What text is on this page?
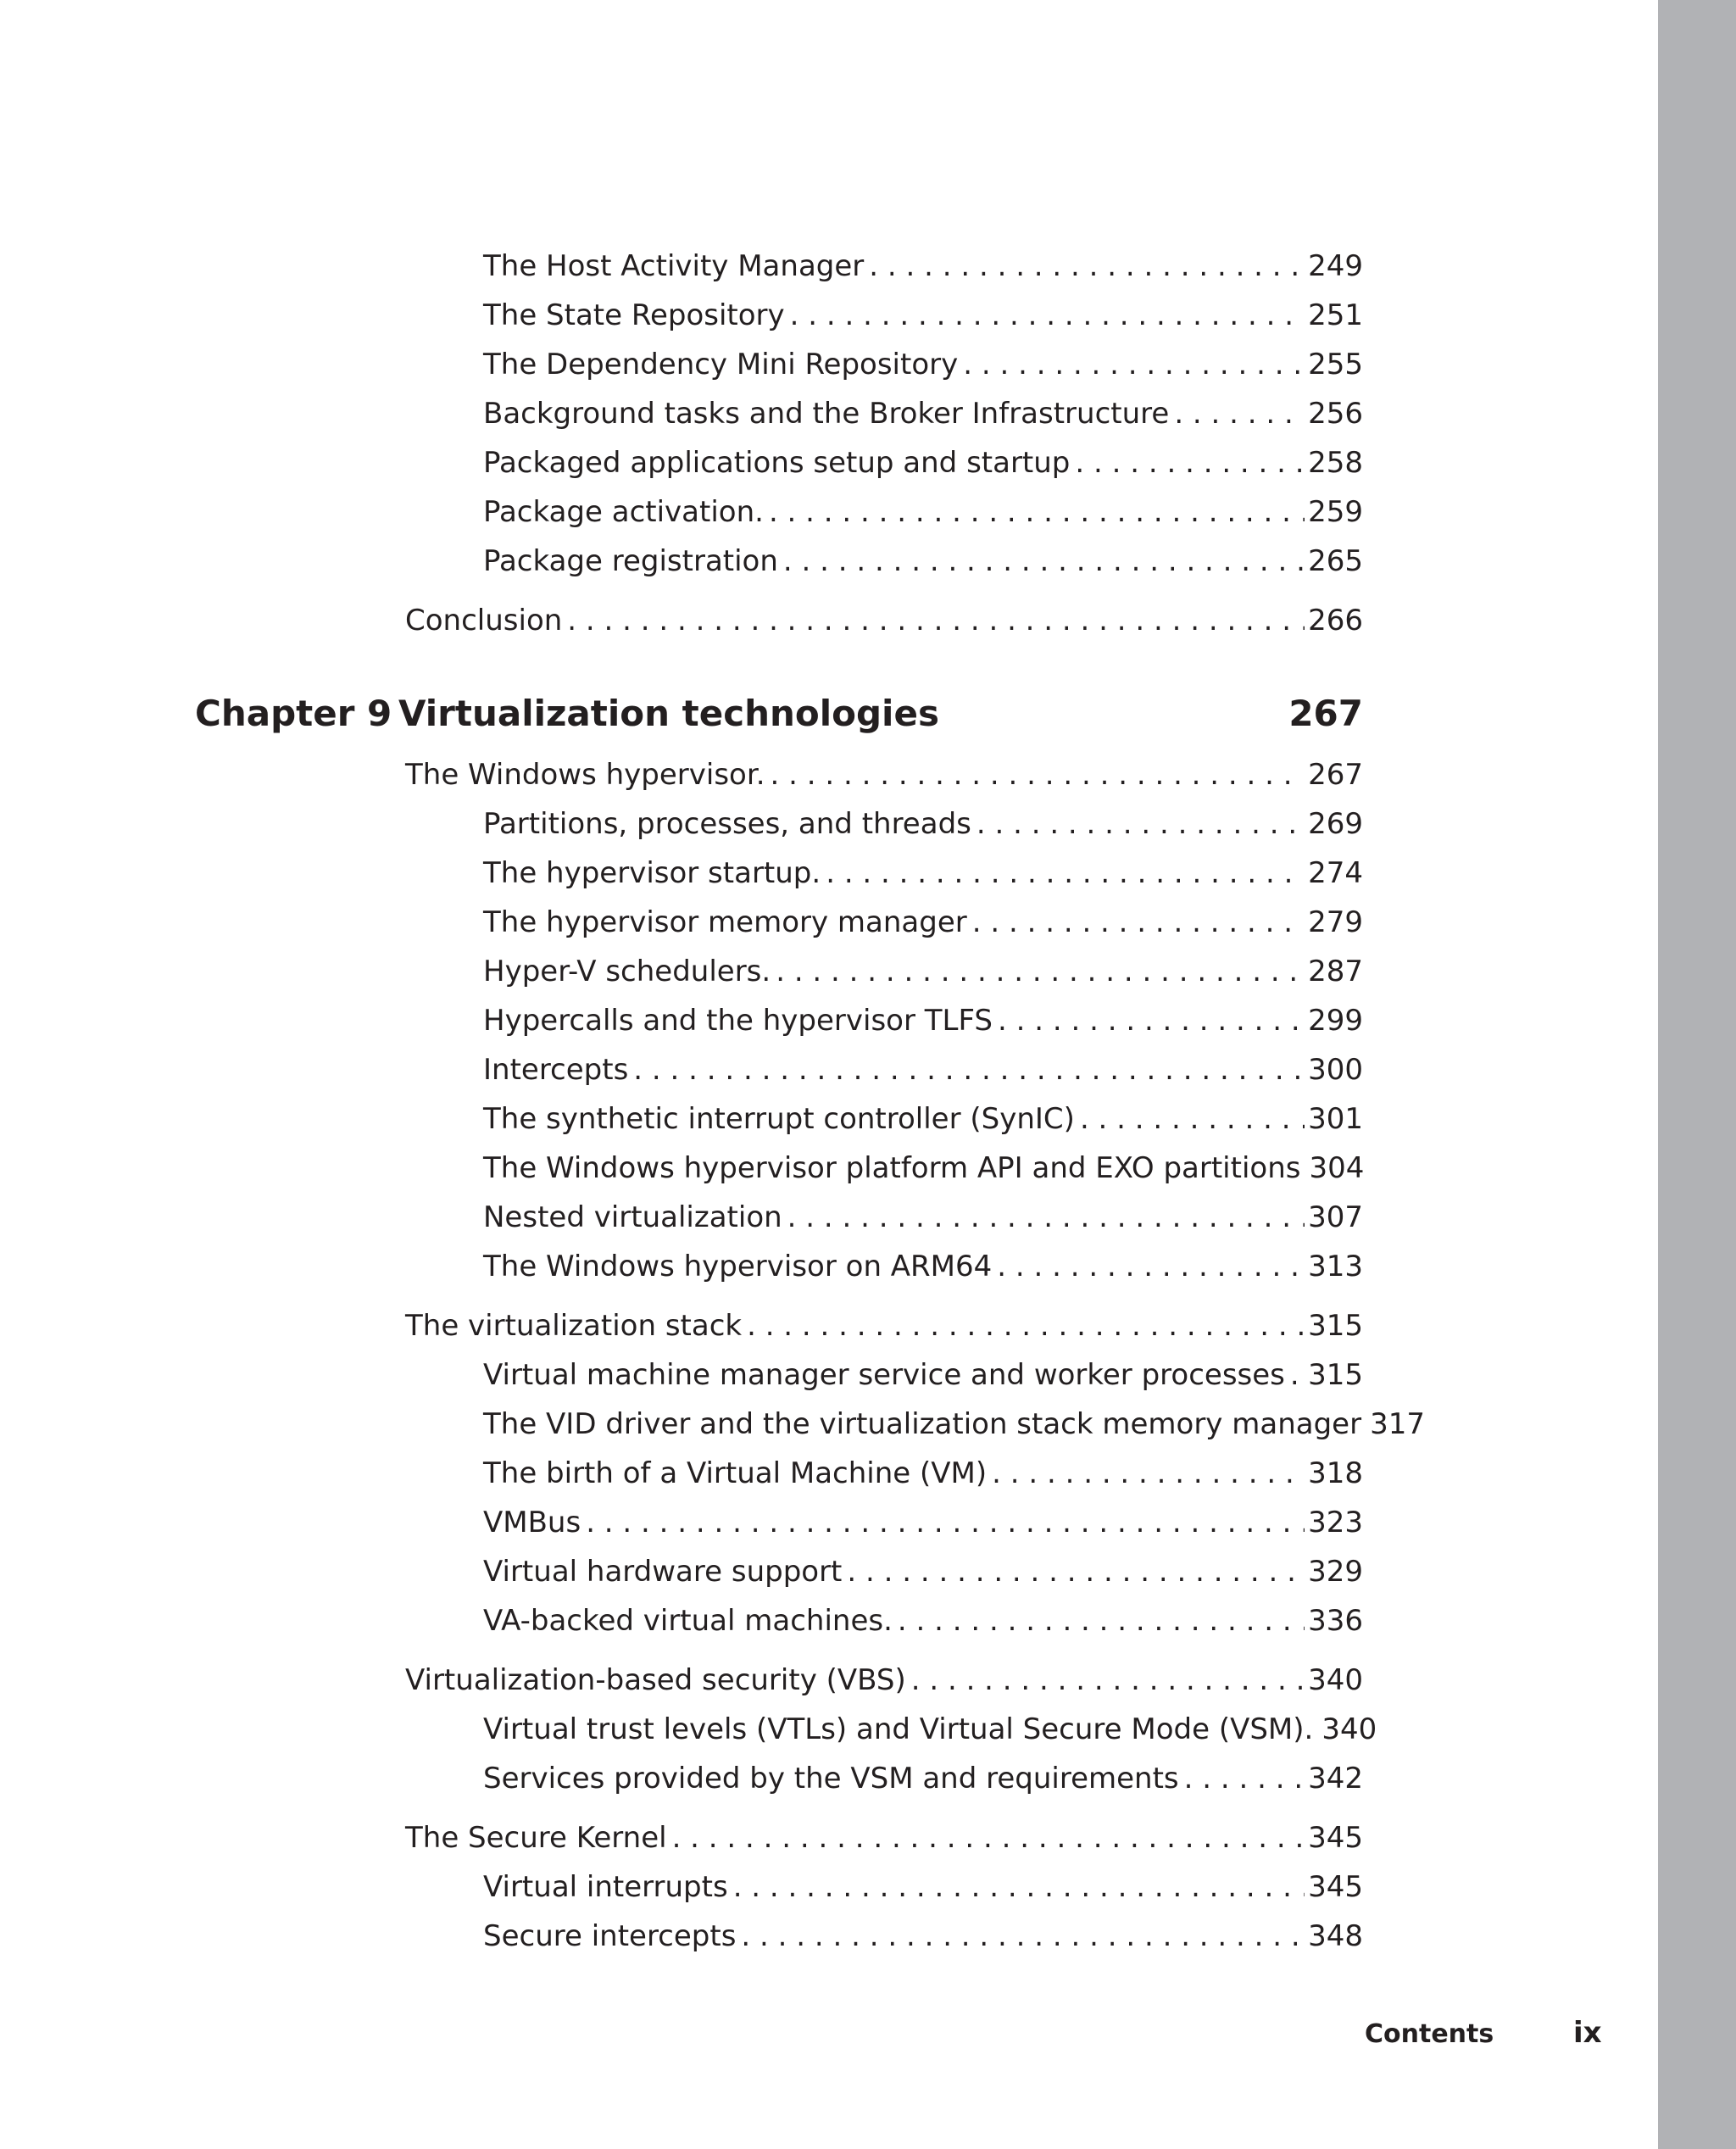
The Host Activity Manager . . .	249
The State Repository . . .	251
The Dependency Mini Repository . . .	255
Background tasks and the Broker Infrastructure . . .	256
Packaged applications setup and startup . . .	258
Package activation. . . .	259
Package registration . . .	265
Conclusion . . .	266
Chapter 9 Virtualization technologies	267
The Windows hypervisor. . . .	267
Partitions, processes, and threads . . .	269
The hypervisor startup. . . .	274
The hypervisor memory manager . . .	279
Hyper-V schedulers. . . .	287
Hypercalls and the hypervisor TLFS . . .	299
Intercepts . . .	300
The synthetic interrupt controller (SynIC) . . .	301
The Windows hypervisor platform API and EXO partitions 304
Nested virtualization . . .	307
The Windows hypervisor on ARM64 . . .	313
The virtualization stack . . .	315
Virtual machine manager service and worker processes . . . 315
The VID driver and the virtualization stack memory manager 317
The birth of a Virtual Machine (VM) . . .	318
VMBus . . .	323
Virtual hardware support . . .	329
VA-backed virtual machines. . . .	336
Virtualization-based security (VBS) . . .	340
Virtual trust levels (VTLs) and Virtual Secure Mode (VSM). 340
Services provided by the VSM and requirements . . .	342
The Secure Kernel . . .	345
Virtual interrupts . . .	345
Secure intercepts . . .	348
Contents	ix
